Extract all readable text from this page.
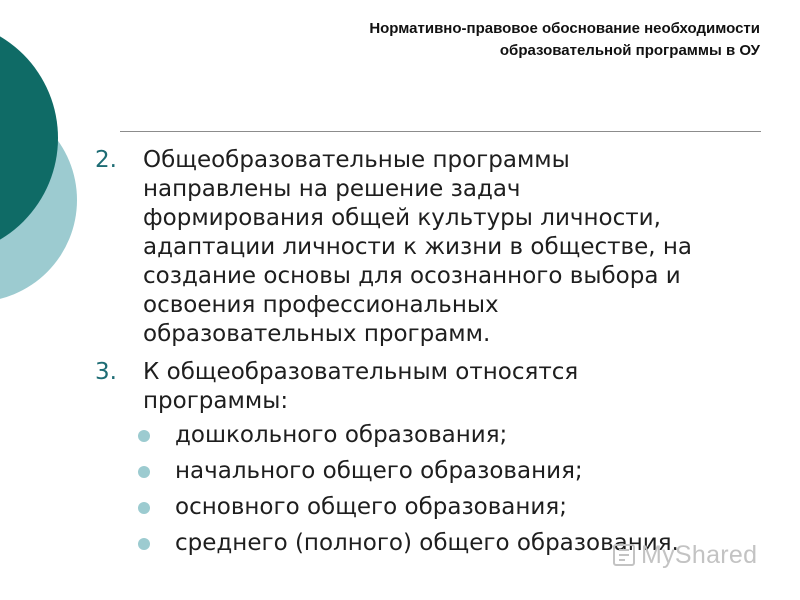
Нормативно-правовое обоснование необходимости
образовательной программы в ОУ
2.	Общеобразовательные программы
направлены на решение задач
формирования общей культуры личности,
адаптации личности к жизни в обществе, на
создание основы для осознанного выбора и
освоения профессиональных
образовательных программ.
3.	К общеобразовательным относятся
программы:
дошкольного образования;
начального общего образования;
основного общего образования;
среднего (полного) общего образования.
MyShared
